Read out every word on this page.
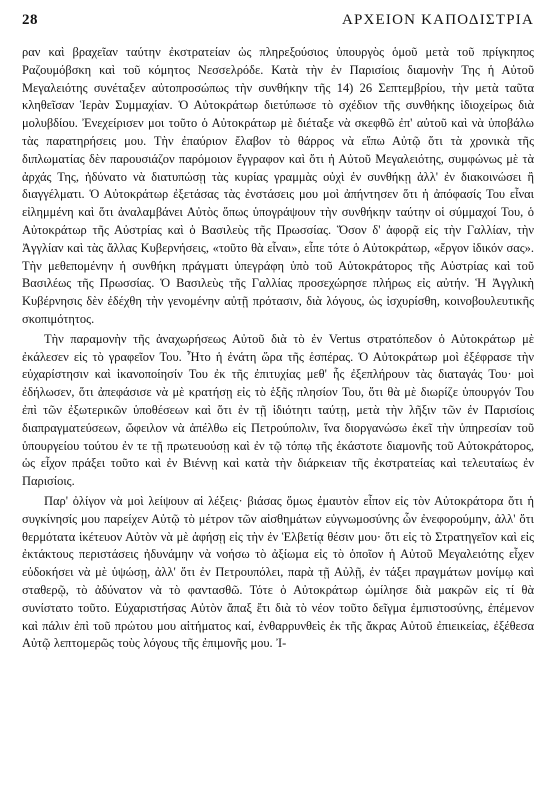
28	ΑΡΧΕΙΟΝ ΚΑΠΟΔΙΣΤΡΙΑ

ραν καὶ βραχεῖαν ταύτην ἐκστρατείαν ὡς πληρεξούσιος ὑπουργὸς ὁμοῦ μετὰ τοῦ πρίγκηπος Ραζουμόβσκη καὶ τοῦ κόμητος Νεσσελρόδε. Κατὰ τὴν ἐν Παρισίοις διαμονὴν Της ἡ Αὐτοῦ Μεγαλειότης συνέταξεν αὐτοπροσώπως τὴν συνθήκην τῆς 14) 26 Σεπτεμβρίου, τὴν μετὰ ταῦτα κληθεῖσαν Ἱερὰν Συμμαχίαν. Ὁ Αὐτοκράτωρ διετύπωσε τὸ σχέδιον τῆς συνθήκης ἰδιοχείρως διὰ μολυβδίου. Ἐνεχείρισεν μοι τοῦτο ὁ Αὐτοκράτωρ μὲ διέταξε νὰ σκεφθῶ ἐπ' αὐτοῦ καὶ νὰ ὑποβάλω τὰς παρατηρήσεις μου. Τὴν ἐπαύριον ἔλαβον τὸ θάρρος νὰ εἴπω Αὐτῷ ὅτι τὰ χρονικὰ τῆς διπλωματίας δὲν παρουσιάζον παρόμοιον ἔγγραφον καὶ ὅτι ἡ Αὐτοῦ Μεγαλειότης, συμφώνως μὲ τὰ ἀρχάς Της, ἠδύνατο νὰ διατυπώσῃ τὰς κυρίας γραμμὰς οὐχὶ ἐν συνθήκῃ ἀλλ' ἐν διακοινώσει ἢ διαγγέλματι. Ὁ Αὐτοκράτωρ ἐξετάσας τὰς ἐνστάσεις μου μοὶ ἀπήντησεν ὅτι ἡ ἀπόφασίς Του εἶναι εἰλημμένη καὶ ὅτι ἀναλαμβάνει Αὐτὸς ὅπως ὑπογράψουν τὴν συνθήκην ταύτην οἱ σύμμαχοί Του, ὁ Αὐτοκράτωρ τῆς Αὐστρίας καὶ ὁ Βασιλεὺς τῆς Πρωσσίας. Ὅσον δ' ἀφορᾷ εἰς τὴν Γαλλίαν, τὴν Ἀγγλίαν καὶ τὰς ἄλλας Κυβερνήσεις, «τοῦτο θὰ εἶναι», εἶπε τότε ὁ Αὐτοκράτωρ, «ἔργον ἰδικόν σας». Τὴν μεθεπομένην ἡ συνθήκη πράγματι ὑπεγράφη ὑπὸ τοῦ Αὐτοκράτορος τῆς Αὐστρίας καὶ τοῦ Βασιλέως τῆς Πρωσσίας. Ὁ Βασιλεὺς τῆς Γαλλίας προσεχώρησε πλήρως εἰς αὐτήν. Ἡ Ἀγγλικὴ Κυβέρνησις δὲν ἐδέχθη τὴν γενομένην αὐτῇ πρότασιν, διὰ λόγους, ὡς ἰσχυρίσθη, κοινοβουλευτικῆς σκοπιμότητος.

Τὴν παραμονὴν τῆς ἀναχωρήσεως Αὐτοῦ διὰ τὸ ἐν Vertus στρατόπεδον ὁ Αὐτοκράτωρ μὲ ἐκάλεσεν εἰς τὸ γραφεῖον Του. Ἦτο ἡ ἐνάτη ὥρα τῆς ἑσπέρας. Ὁ Αὐτοκράτωρ μοὶ ἐξέφρασε τὴν εὐχαρίστησιν καὶ ἱκανοποίησίν Του ἐκ τῆς ἐπιτυχίας μεθ' ἧς ἐξεπλήρουν τὰς διαταγάς Του· μοὶ ἐδήλωσεν, ὅτι ἀπεφάσισε νὰ μὲ κρατήσῃ εἰς τὸ ἑξῆς πλησίον Του, ὅτι θὰ μὲ διωρίζε ὑπουργόν Του ἐπὶ τῶν ἐξωτερικῶν ὑποθέσεων καὶ ὅτι ἐν τῇ ἰδιότητι ταύτῃ, μετὰ τὴν λῆξιν τῶν ἐν Παρισίοις διαπραγματεύσεων, ὤφειλον νὰ ἀπέλθω εἰς Πετρούπολιν, ἵνα διοργανώσω ἐκεῖ τὴν ὑπηρεσίαν τοῦ ὑπουργείου τούτου ἐν τε τῇ πρωτευούσῃ καὶ ἐν τῷ τόπῳ τῆς ἑκάστοτε διαμονῆς τοῦ Αὐτοκράτορος, ὡς εἶχον πράξει τοῦτο καὶ ἐν Βιέννῃ καὶ κατὰ τὴν διάρκειαν τῆς ἐκστρατείας καὶ τελευταίως ἐν Παρισίοις.

Παρ' ὀλίγον νὰ μοὶ λείψουν αἱ λέξεις· βιάσας ὅμως ἐμαυτὸν εἶπον εἰς τὸν Αὐτοκράτορα ὅτι ἡ συγκίνησίς μου παρείχεν Αὐτῷ τὸ μέτρον τῶν αἰσθημάτων εὐγνωμοσύνης ὧν ἐνεφορούμην, ἀλλ' ὅτι θερμότατα ἱκέτευον Αὐτὸν νὰ μὲ ἀφήσῃ εἰς τὴν ἐν Ἑλβετίᾳ θέσιν μου· ὅτι εἰς τὸ Στρατηγεῖον καὶ εἰς ἐκτάκτους περιστάσεις ἠδυνάμην νὰ νοήσω τὸ ἀξίωμα εἰς τὸ ὁποῖον ἡ Αὐτοῦ Μεγαλειότης εἶχεν εὐδοκήσει νὰ μὲ ὑψώσῃ, ἀλλ' ὅτι ἐν Πετρουπόλει, παρὰ τῇ Αὐλῇ, ἐν τάξει πραγμάτων μονίμῳ καὶ σταθερῷ, τὸ ἀδύνατον νὰ τὸ φαντασθῶ. Τότε ὁ Αὐτοκράτωρ ὡμίλησε διὰ μακρῶν εἰς τί θὰ συνίστατο τοῦτο. Εὐχαριστήσας Αὐτὸν ἅπαξ ἔτι διὰ τὸ νέον τοῦτο δεῖγμα ἐμπιστοσύνης, ἐπέμενον καὶ πάλιν ἐπὶ τοῦ πρώτου μου αἰτήματος καί, ἐνθαρρυνθεὶς ἐκ τῆς ἄκρας Αὐτοῦ ἐπιεικείας, ἐξέθεσα Αὐτῷ λεπτομερῶς τοὺς λόγους τῆς ἐπιμονῆς μου. Ἰ-
